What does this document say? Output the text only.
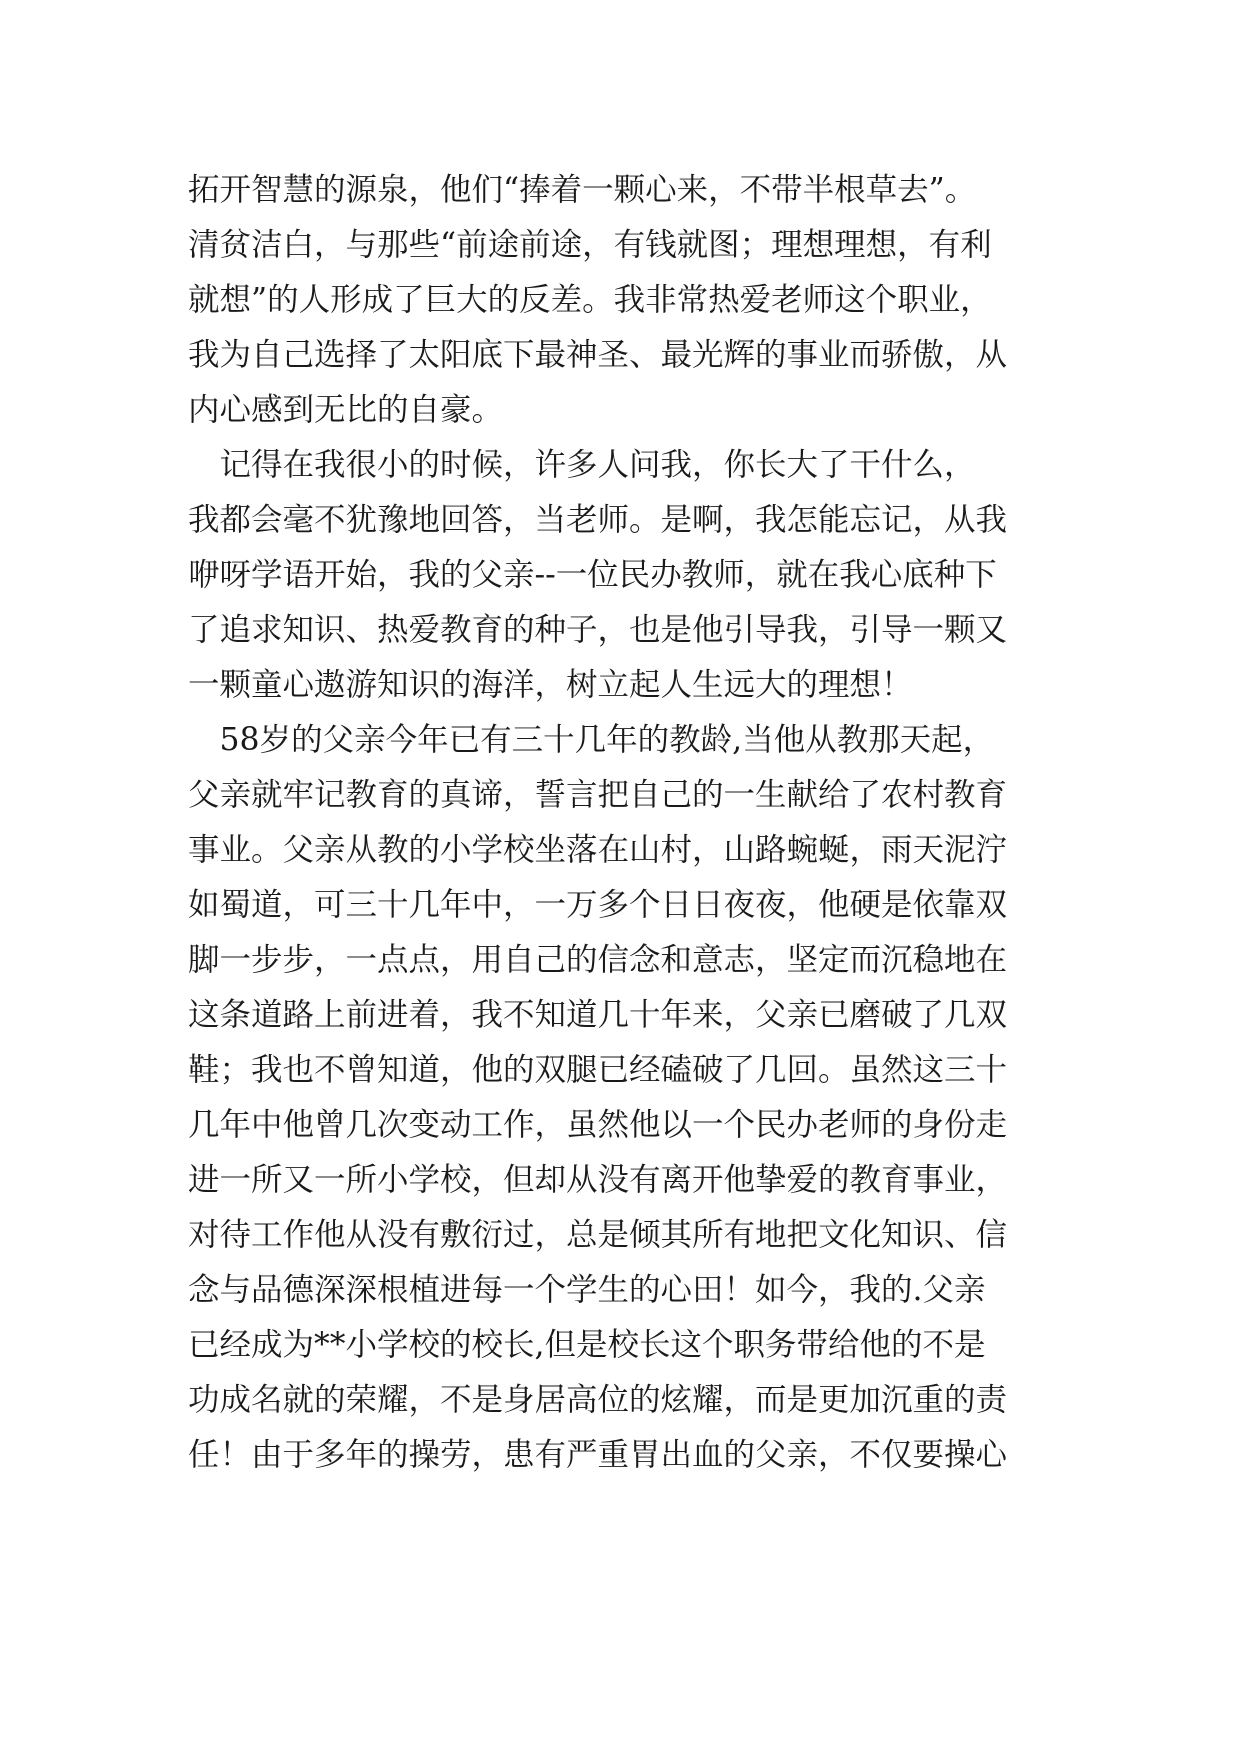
拓开智慧的源泉，他们“捧着一颗心来，不带半根草去”。
清贫洁白，与那些“前途前途，有钱就图；理想理想，有利
就想”的人形成了巨大的反差。我非常热爱老师这个职业，
我为自己选择了太阳底下最神圣、最光辉的事业而骄傲，从
内心感到无比的自豪。
　记得在我很小的时候，许多人问我，你长大了干什么，
我都会毫不犹豫地回答，当老师。是啊，我怎能忘记，从我
咿呀学语开始，我的父亲--一位民办教师，就在我心底种下
了追求知识、热爱教育的种子，也是他引导我，引导一颗又
一颗童心遨游知识的海洋，树立起人生远大的理想！
　58岁的父亲今年已有三十几年的教龄,当他从教那天起，
父亲就牢记教育的真谛，誓言把自己的一生献给了农村教育
事业。父亲从教的小学校坐落在山村，山路蜿蜒，雨天泥泞
如蜀道，可三十几年中，一万多个日日夜夜，他硬是依靠双
脚一步步，一点点，用自己的信念和意志，坚定而沉稳地在
这条道路上前进着，我不知道几十年来，父亲已磨破了几双
鞋；我也不曾知道，他的双腿已经磕破了几回。虽然这三十
几年中他曾几次变动工作，虽然他以一个民办老师的身份走
进一所又一所小学校，但却从没有离开他挚爱的教育事业，
对待工作他从没有敷衍过，总是倾其所有地把文化知识、信
念与品德深深根植进每一个学生的心田！如今，我的.父亲
已经成为**小学校的校长,但是校长这个职务带给他的不是
功成名就的荣耀，不是身居高位的炫耀，而是更加沉重的责
任！由于多年的操劳，患有严重胃出血的父亲，不仅要操心
